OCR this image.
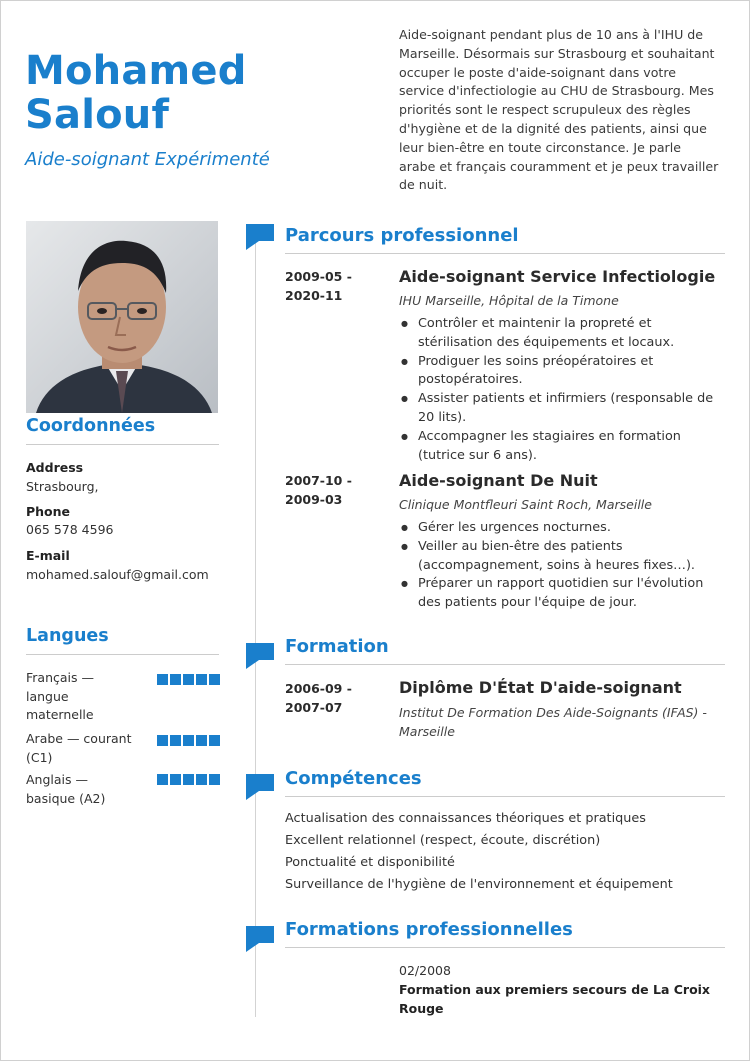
Mohamed Salouf
Aide-soignant Expérimenté
Aide-soignant pendant plus de 10 ans à l'IHU de Marseille. Désormais sur Strasbourg et souhaitant occuper le poste d'aide-soignant dans votre service d'infectiologie au CHU de Strasbourg. Mes priorités sont le respect scrupuleux des règles d'hygiène et de la dignité des patients, ainsi que leur bien-être en toute circonstance. Je parle arabe et français couramment et je peux travailler de nuit.
Coordonnées
Address
Strasbourg,
Phone
065 578 4596
E-mail
mohamed.salouf@gmail.com
Langues
Français — langue maternelle
Arabe — courant (C1)
Anglais — basique (A2)
Parcours professionnel
2009-05 - 2020-11
Aide-soignant Service Infectiologie
IHU Marseille, Hôpital de la Timone
● Contrôler et maintenir la propreté et stérilisation des équipements et locaux.
● Prodiguer les soins préopératoires et postopératoires.
● Assister patients et infirmiers (responsable de 20 lits).
● Accompagner les stagiaires en formation (tutrice sur 6 ans).
2007-10 - 2009-03
Aide-soignant De Nuit
Clinique Montfleuri Saint Roch, Marseille
● Gérer les urgences nocturnes.
● Veiller au bien-être des patients (accompagnement, soins à heures fixes…).
● Préparer un rapport quotidien sur l'évolution des patients pour l'équipe de jour.
Formation
2006-09 - 2007-07
Diplôme D'État D'aide-soignant
Institut De Formation Des Aide-Soignants (IFAS) - Marseille
Compétences
Actualisation des connaissances théoriques et pratiques
Excellent relationnel (respect, écoute, discrétion)
Ponctualité et disponibilité
Surveillance de l'hygiène de l'environnement et équipement
Formations professionnelles
02/2008
Formation aux premiers secours de La Croix Rouge
